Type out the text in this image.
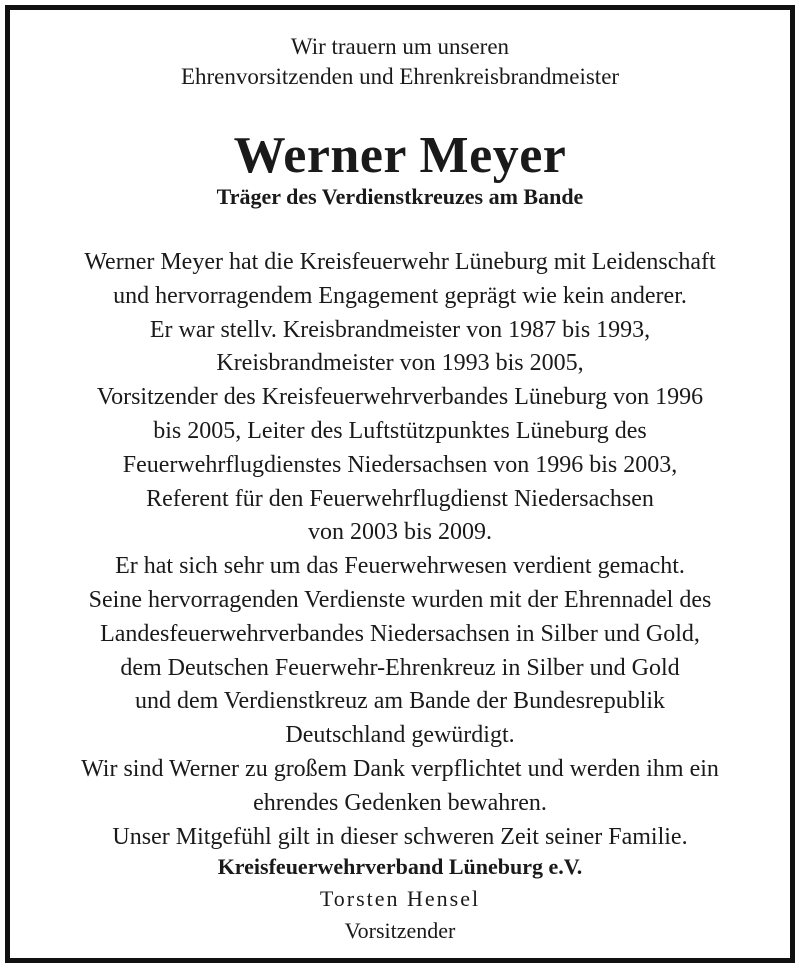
Wir trauern um unseren
Ehrenvorsitzenden und Ehrenkreisbrandmeister
Werner Meyer
Träger des Verdienstkreuzes am Bande
Werner Meyer hat die Kreisfeuerwehr Lüneburg mit Leidenschaft
und hervorragendem Engagement geprägt wie kein anderer.
Er war stellv. Kreisbrandmeister von 1987 bis 1993,
Kreisbrandmeister von 1993 bis 2005,
Vorsitzender des Kreisfeuerwehrverbandes Lüneburg von 1996
bis 2005, Leiter des Luftstützpunktes Lüneburg des
Feuerwehrflugdienstes Niedersachsen von 1996 bis 2003,
Referent für den Feuerwehrflugdienst Niedersachsen
von 2003 bis 2009.
Er hat sich sehr um das Feuerwehrwesen verdient gemacht.
Seine hervorragenden Verdienste wurden mit der Ehrennadel des
Landesfeuerwehrverbandes Niedersachsen in Silber und Gold,
dem Deutschen Feuerwehr-Ehrenkreuz in Silber und Gold
und dem Verdienstkreuz am Bande der Bundesrepublik
Deutschland gewürdigt.
Wir sind Werner zu großem Dank verpflichtet und werden ihm ein
ehrendes Gedenken bewahren.
Unser Mitgefühl gilt in dieser schweren Zeit seiner Familie.
Kreisfeuerwehrverband Lüneburg e.V.
Torsten Hensel
Vorsitzender
